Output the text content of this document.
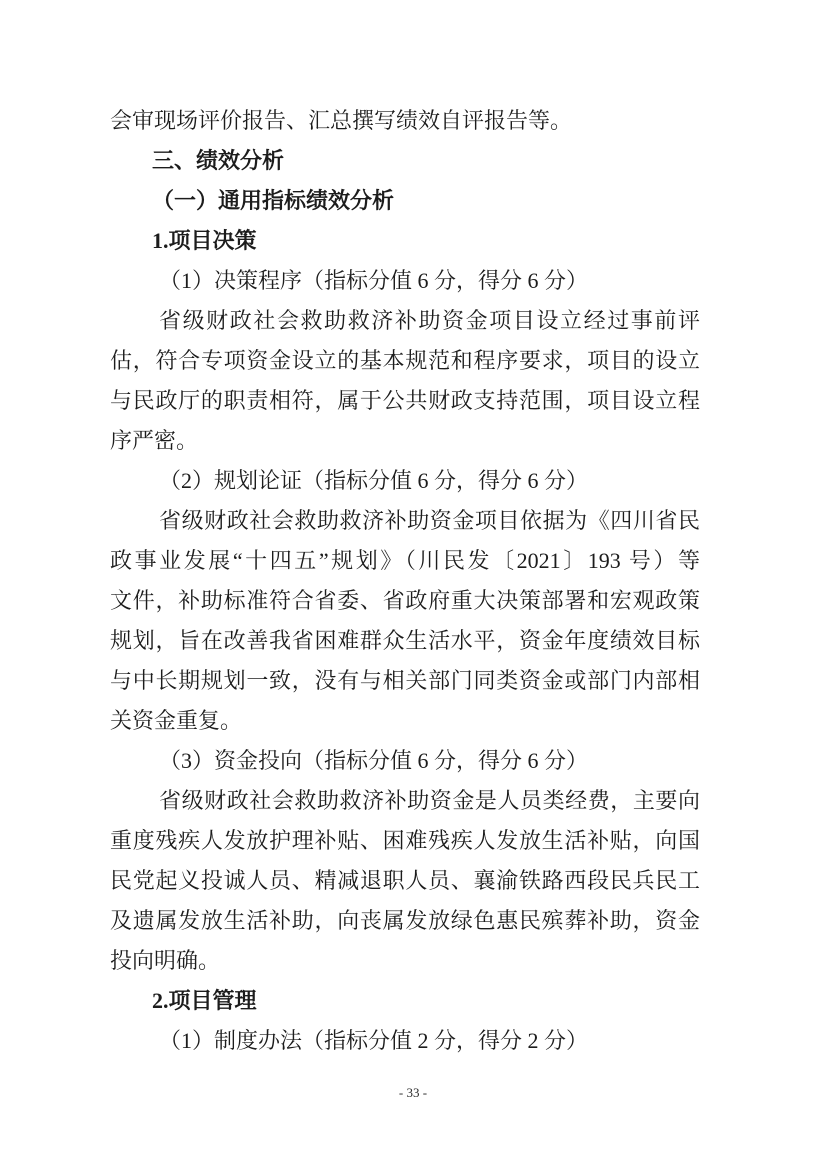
会审现场评价报告、汇总撰写绩效自评报告等。
三、绩效分析
（一）通用指标绩效分析
1.项目决策
（1）决策程序（指标分值 6 分，得分 6 分）
省级财政社会救助救济补助资金项目设立经过事前评
估，符合专项资金设立的基本规范和程序要求，项目的设立
与民政厅的职责相符，属于公共财政支持范围，项目设立程
序严密。
（2）规划论证（指标分值 6 分，得分 6 分）
省级财政社会救助救济补助资金项目依据为《四川省民
政事业发展“十四五”规划》（川民发〔2021〕193 号）等
文件，补助标准符合省委、省政府重大决策部署和宏观政策
规划，旨在改善我省困难群众生活水平，资金年度绩效目标
与中长期规划一致，没有与相关部门同类资金或部门内部相
关资金重复。
（3）资金投向（指标分值 6 分，得分 6 分）
省级财政社会救助救济补助资金是人员类经费，主要向
重度残疾人发放护理补贴、困难残疾人发放生活补贴，向国
民党起义投诚人员、精减退职人员、襄渝铁路西段民兵民工
及遗属发放生活补助，向丧属发放绿色惠民殡葬补助，资金
投向明确。
2.项目管理
（1）制度办法（指标分值 2 分，得分 2 分）
- 33 -
